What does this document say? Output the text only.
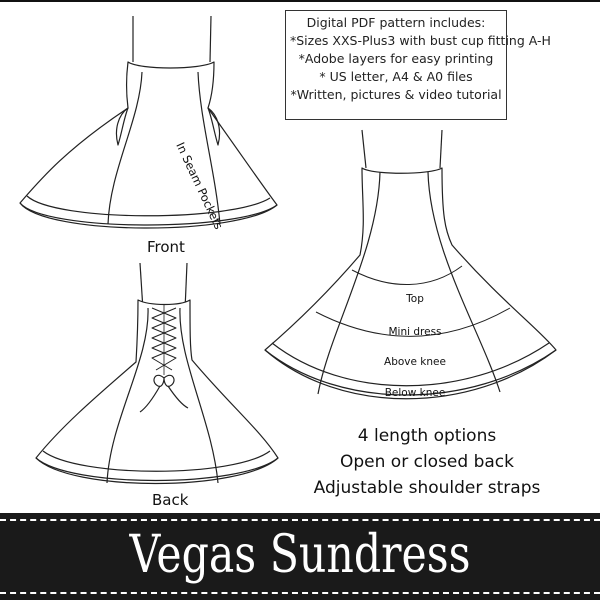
Digital PDF pattern includes:
*Sizes XXS-Plus3 with bust cup fitting A-H
*Adobe layers for easy printing
* US letter, A4 & A0 files
*Written, pictures & video tutorial
Front
Back
In Seam Pockets
Top
Mini dress
Above knee
Below knee
4 length options
Open or closed back
Adjustable shoulder straps
Vegas Sundress
